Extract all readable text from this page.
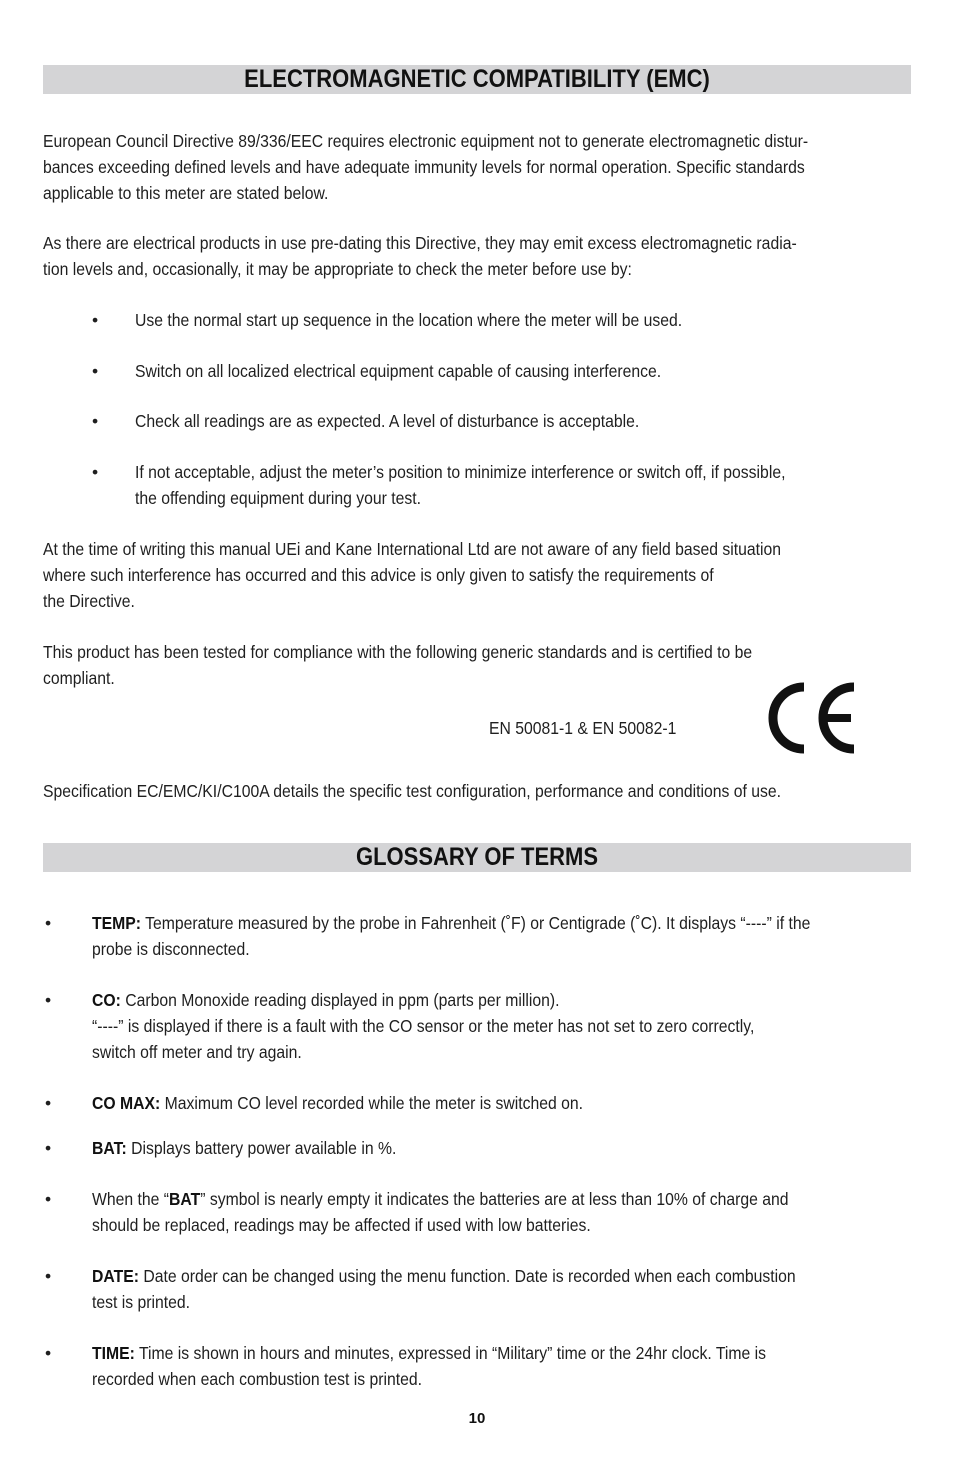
ELECTROMAGNETIC COMPATIBILITY (EMC)
European Council Directive 89/336/EEC requires electronic equipment not to generate electromagnetic distur-
bances exceeding defined levels and have adequate immunity levels for normal operation. Specific standards
applicable to this meter are stated below.
As there are electrical products in use pre-dating this Directive, they may emit excess electromagnetic radia-
tion levels and, occasionally, it may be appropriate to check the meter before use by:
• Use the normal start up sequence in the location where the meter will be used.
• Switch on all localized electrical equipment capable of causing interference.
• Check all readings are as expected. A level of disturbance is acceptable.
• If not acceptable, adjust the meter’s position to minimize interference or switch off, if possible,
the offending equipment during your test.
At the time of writing this manual UEi and Kane International Ltd are not aware of any field based situation
where such interference has occurred and this advice is only given to satisfy the requirements of
the Directive.
This product has been tested for compliance with the following generic standards and is certified to be
compliant.
EN 50081-1 & EN 50082-1
Specification EC/EMC/KI/C100A details the specific test configuration, performance and conditions of use.
GLOSSARY OF TERMS
• TEMP: Temperature measured by the probe in Fahrenheit (˚F) or Centigrade (˚C). It displays “----” if the
probe is disconnected.
• CO: Carbon Monoxide reading displayed in ppm (parts per million).
“----” is displayed if there is a fault with the CO sensor or the meter has not set to zero correctly,
switch off meter and try again.
• CO MAX: Maximum CO level recorded while the meter is switched on.
• BAT: Displays battery power available in %.
• When the “BAT” symbol is nearly empty it indicates the batteries are at less than 10% of charge and
should be replaced, readings may be affected if used with low batteries.
• DATE: Date order can be changed using the menu function. Date is recorded when each combustion
test is printed.
• TIME: Time is shown in hours and minutes, expressed in “Military” time or the 24hr clock. Time is
recorded when each combustion test is printed.
10
